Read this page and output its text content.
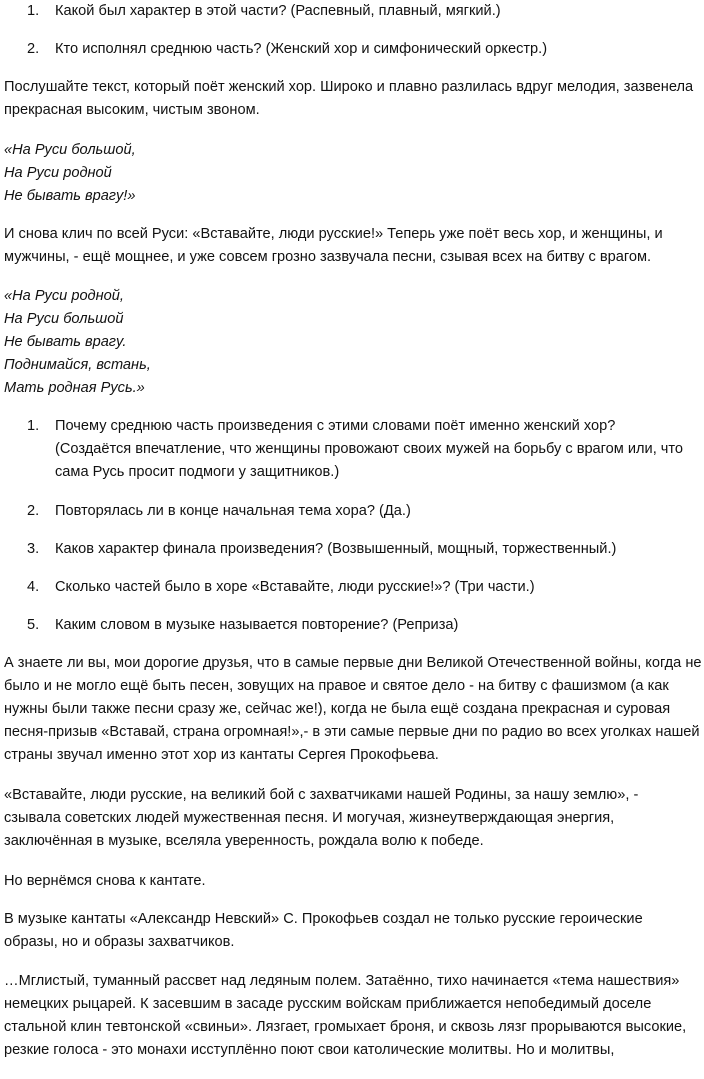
1. Какой был характер в этой части? (Распевный, плавный, мягкий.)
2. Кто исполнял среднюю часть? (Женский хор и симфонический оркестр.)

Послушайте текст, который поёт женский хор. Широко и плавно разлилась вдруг мелодия, зазвенела прекрасная высоким, чистым звоном.

«На Руси большой,
На Руси родной
Не бывать врагу!»

И снова клич по всей Руси: «Вставайте, люди русские!» Теперь уже поёт весь хор, и женщины, и мужчины, - ещё мощнее, и уже совсем грозно зазвучала песни, сзывая всех на битву с врагом.

«На Руси родной,
На Руси большой
Не бывать врагу.
Поднимайся, встань,
Мать родная Русь.»
1. Почему среднюю часть произведения с этими словами поёт именно женский хор? (Создаётся впечатление, что женщины провожают своих мужей на борьбу с врагом или, что сама Русь просит подмоги у защитников.)
2. Повторялась ли в конце начальная тема хора? (Да.)
3. Каков характер финала произведения? (Возвышенный, мощный, торжественный.)
4. Сколько частей было в хоре «Вставайте, люди русские!»? (Три части.)
5. Каким словом в музыке называется повторение? (Реприза)

А знаете ли вы, мои дорогие друзья, что в самые первые дни Великой Отечественной войны, когда не было и не могло ещё быть песен, зовущих на правое и святое дело - на битву с фашизмом (а как нужны были также песни сразу же, сейчас же!), когда не была ещё создана прекрасная и суровая песня-призыв «Вставай, страна огромная!»,- в эти самые первые дни по радио во всех уголках нашей страны звучал именно этот хор из кантаты Сергея Прокофьева.

«Вставайте, люди русские, на великий бой с захватчиками нашей Родины, за нашу землю», - сзывала советских людей мужественная песня. И могучая, жизнеутверждающая энергия, заключённая в музыке, вселяла уверенность, рождала волю к победе.

Но вернёмся снова к кантате.

В музыке кантаты «Александр Невский» С. Прокофьев создал не только русские героические образы, но и образы захватчиков.

…Мглистый, туманный рассвет над ледяным полем. Затаённо, тихо начинается «тема нашествия» немецких рыцарей. К засевшим в засаде русским войскам приближается непобедимый доселе стальной клин тевтонской «свиньи». Лязгает, громыхает броня, и сквозь лязг прорываются высокие, резкие голоса - это монахи исступлённо поют свои католические молитвы. Но и молитвы,
